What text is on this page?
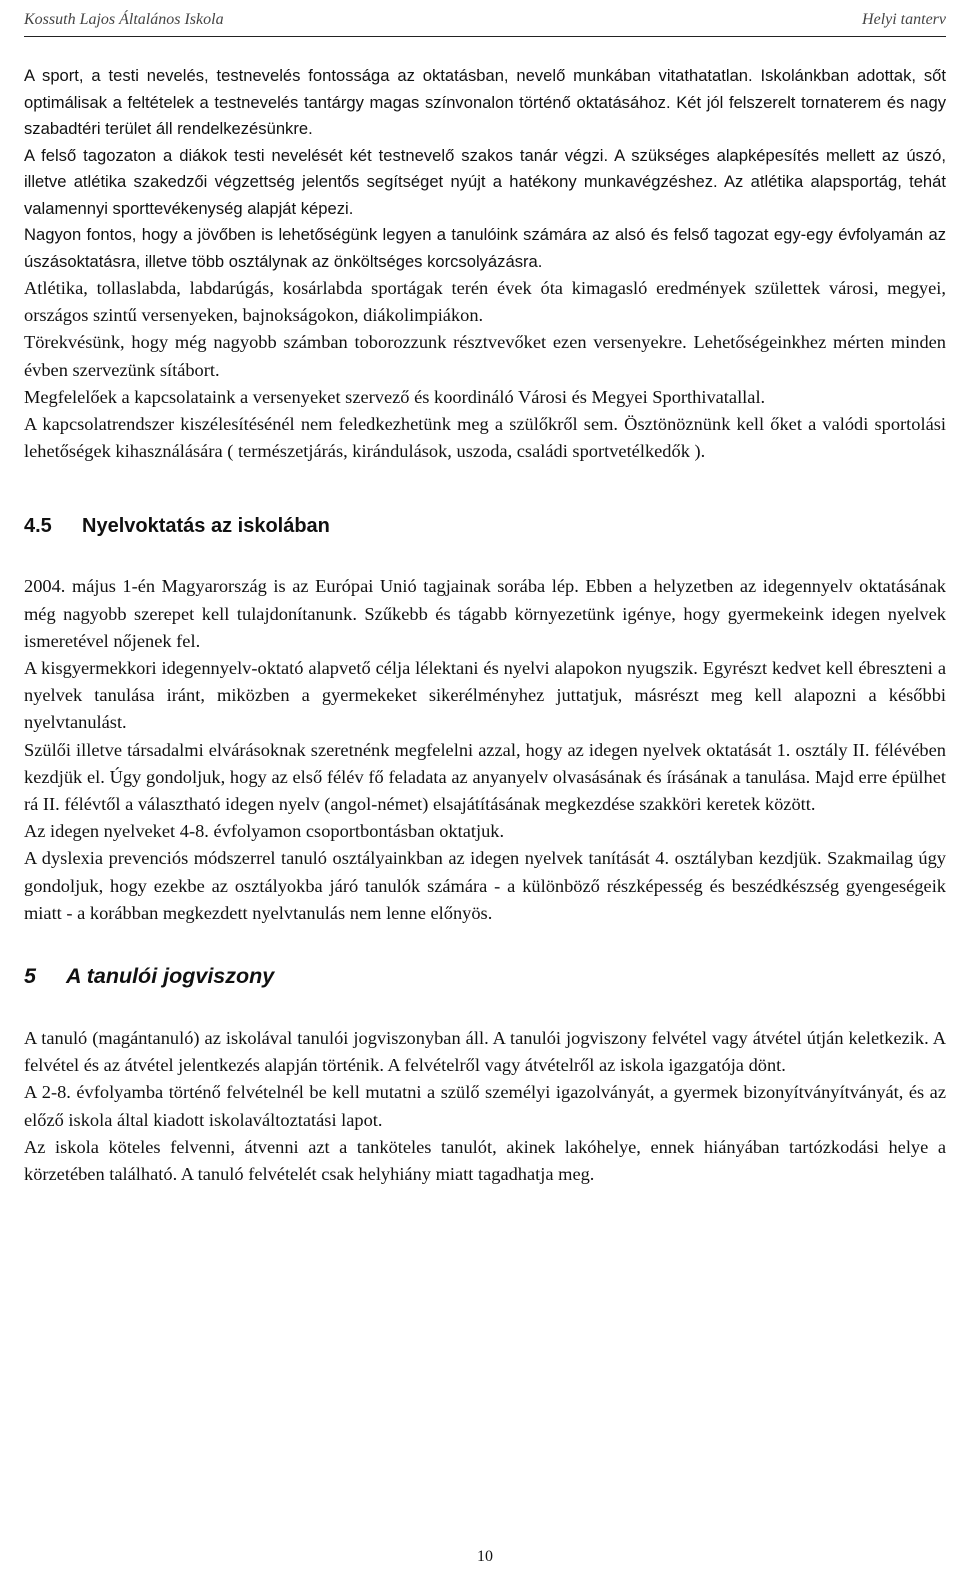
Kossuth Lajos Általános Iskola	Helyi tanterv

A sport, a testi nevelés, testnevelés fontossága az oktatásban, nevelő munkában vitathatatlan. Iskolánkban adottak, sőt optimálisak a feltételek a testnevelés tantárgy magas színvonalon történő oktatásához. Két jól felszerelt tornaterem és nagy szabadtéri terület áll rendelkezésünkre.

A felső tagozaton a diákok testi nevelését két testnevelő szakos tanár végzi. A szükséges alapképesítés mellett az úszó, illetve atlétika szakedzői végzettség jelentős segítséget nyújt a hatékony munkavégzéshez. Az atlétika alapsportág, tehát valamennyi sporttevékenység alapját képezi.

Nagyon fontos, hogy a jövőben is lehetőségünk legyen a tanulóink számára az alsó és felső tagozat egy-egy évfolyamán az úszásoktatásra, illetve több osztálynak az önköltséges korcsolyázásra.

Atlétika, tollaslabda, labdarúgás, kosárlabda sportágak terén évek óta kimagasló eredmények születtek városi, megyei, országos szintű versenyeken, bajnokságokon, diákolimpiákon.

Törekvésünk, hogy még nagyobb számban toborozzunk résztvevőket ezen versenyekre. Lehetőségeinkhez mérten minden évben szervezünk sítábort.

Megfelelőek a kapcsolataink a versenyeket szervező és koordináló Városi és Megyei Sporthivatallal.

A kapcsolatrendszer kiszélesítésénél nem feledkezhetünk meg a szülőkről sem. Ösztönöznünk kell őket a valódi sportolási lehetőségek kihasználására ( természetjárás, kirándulások, uszoda, családi sportvetélkedők ).

4.5 Nyelvoktatás az iskolában

2004. május 1-én Magyarország is az Európai Unió tagjainak sorába lép. Ebben a helyzetben az idegennyelv oktatásának még nagyobb szerepet kell tulajdonítanunk. Szűkebb és tágabb környezetünk igénye, hogy gyermekeink idegen nyelvek ismeretével nőjenek fel.

A kisgyermekkori idegennyelv-oktató alapvető célja lélektani és nyelvi alapokon nyugszik. Egyrészt kedvet kell ébreszteni a nyelvek tanulása iránt, miközben a gyermekeket sikerélményhez juttatjuk, másrészt meg kell alapozni a későbbi nyelvtanulást.

Szülői illetve társadalmi elvárásoknak szeretnénk megfelelni azzal, hogy az idegen nyelvek oktatását 1. osztály II. félévében kezdjük el. Úgy gondoljuk, hogy az első félév fő feladata az anyanyelv olvasásának és írásának a tanulása. Majd erre épülhet rá II. félévtől a választható idegen nyelv (angol-német) elsajátításának megkezdése szakköri keretek között.

Az idegen nyelveket 4-8. évfolyamon csoportbontásban oktatjuk.

A dyslexia prevenciós módszerrel tanuló osztályainkban az idegen nyelvek tanítását 4. osztályban kezdjük. Szakmailag úgy gondoljuk, hogy ezekbe az osztályokba járó tanulók számára - a különböző részképesség és beszédkészség gyengeségeik miatt - a korábban megkezdett nyelvtanulás nem lenne előnyös.

5 A tanulói jogviszony

A tanuló (magántanuló) az iskolával tanulói jogviszonyban áll. A tanulói jogviszony felvétel vagy átvétel útján keletkezik. A felvétel és az átvétel jelentkezés alapján történik. A felvételről vagy átvételről az iskola igazgatója dönt.

A 2-8. évfolyamba történő felvételnél be kell mutatni a szülő személyi igazolványát, a gyermek bizonyítványítványát, és az előző iskola által kiadott iskolaváltoztatási lapot.

Az iskola köteles felvenni, átvenni azt a tanköteles tanulót, akinek lakóhelye, ennek hiányában tartózkodási helye a körzetében található. A tanuló felvételét csak helyhiány miatt tagadhatja meg.

10
